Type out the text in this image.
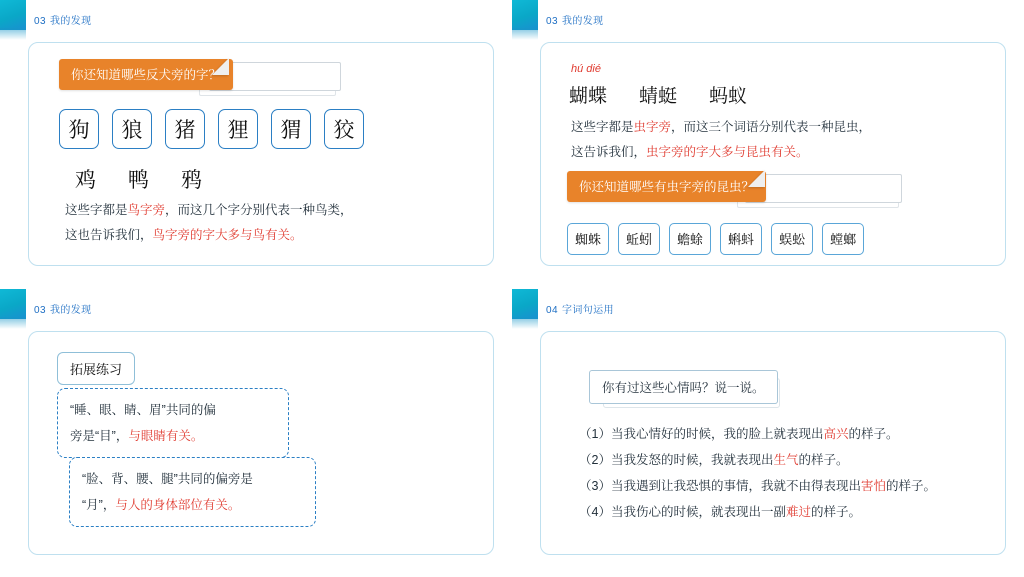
03 我的发现
你还知道哪些反犬旁的字？
狗	狼	猪	狸	猬	狡
鸡	鸭	鸦
这些字都是鸟字旁，而这几个字分别代表一种鸟类，
这也告诉我们，鸟字旁的字大多与鸟有关。
03 我的发现
hú dié
蝴蝶 蜻蜓 蚂蚁
这些字都是虫字旁，而这三个词语分别代表一种昆虫，
这告诉我们，虫字旁的字大多与昆虫有关。
你还知道哪些有虫字旁的昆虫？
蜘蛛	蚯蚓	蟾蜍	蝌蚪	蜈蚣	螳螂
03 我的发现
拓展练习
“睡、眼、睛、眉”共同的偏
旁是“目”，与眼睛有关。
“脸、背、腰、腿”共同的偏旁是
“月”，与人的身体部位有关。
04 字词句运用
你有过这些心情吗？说一说。
（1）当我心情好的时候，我的脸上就表现出高兴的样子。
（2）当我发怒的时候，我就表现出生气的样子。
（3）当我遇到让我恐惧的事情，我就不由得表现出害怕的样子。
（4）当我伤心的时候，就表现出一副难过的样子。
